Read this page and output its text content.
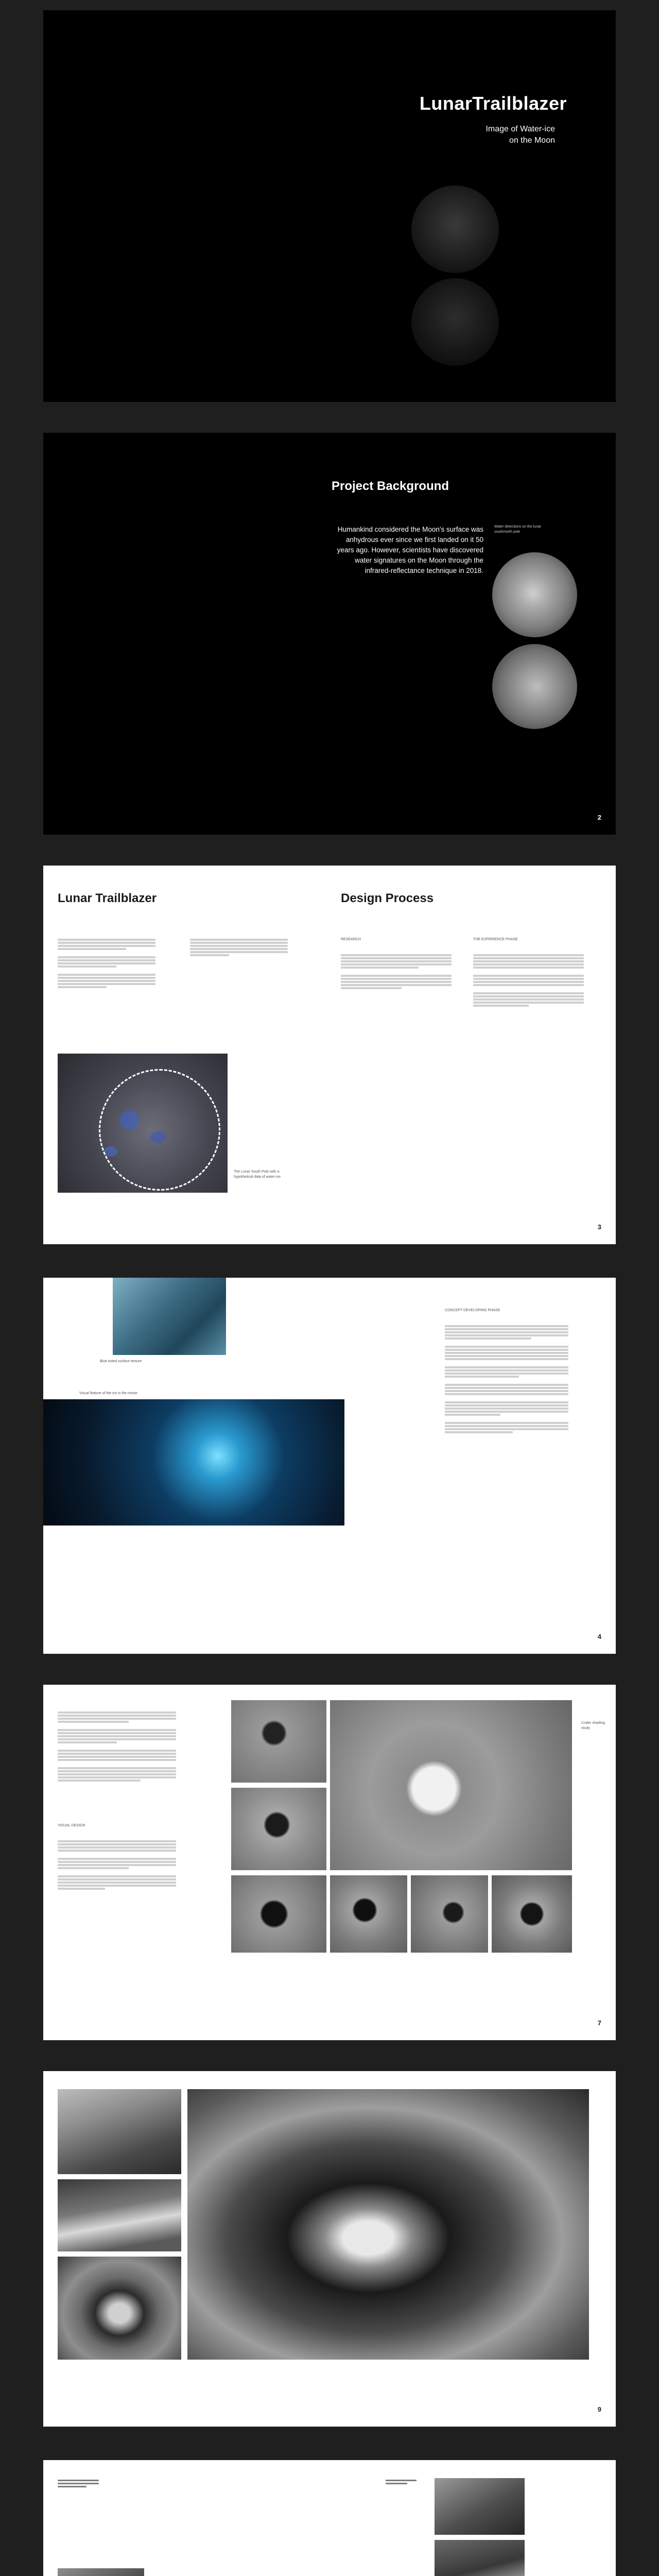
LunarTrailblazer
Image of Water-ice
on the Moon
Project Background

Humankind considered the Moon's surface was anhydrous ever since we first landed on it 50 years ago. However, scientists have discovered water signatures on the Moon through the infrared-reflectance technique in 2018.

Water detections on the lunar south/north pole
2
Lunar Trailblazer	Design Process
The Lunar South Pole with a hypothetical data of water-ice
RESEARCH	THE EXPERIENCE PHASE
3
Blue tinted surface texture
Visual feature of the ice in the movie
CONCEPT DEVELOPING PHASE
4
VISUAL DESIGN
Crater shading study
7
9
